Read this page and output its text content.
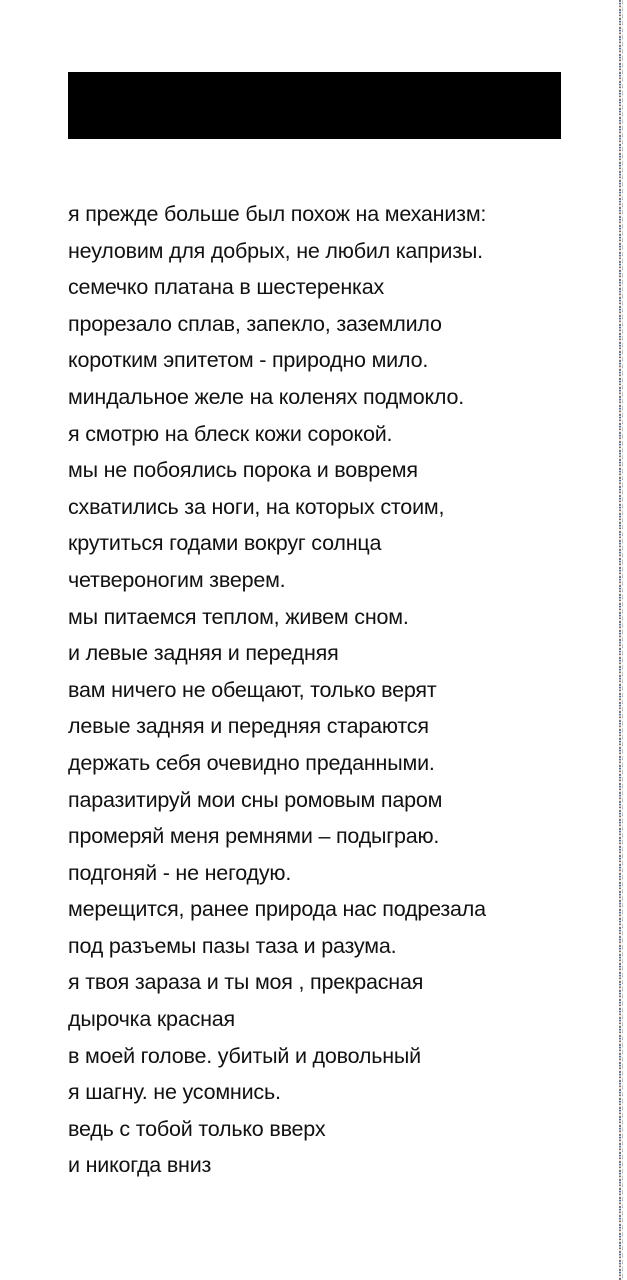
я прежде больше был похож на механизм:
неуловим для добрых, не любил капризы.
семечко платана в шестеренках
прорезало сплав, запекло, заземлило
коротким эпитетом - природно мило.
миндальное желе на коленях подмокло.
я смотрю на блеск кожи сорокой.
мы не побоялись порока и вовремя
схватились за ноги, на которых стоим,
крутиться годами вокруг солнца
четвероногим зверем.
мы питаемся теплом, живем сном.
и левые задняя и передняя
вам ничего не обещают, только верят
левые задняя и передняя стараются
держать себя очевидно преданными.
паразитируй мои сны ромовым паром
промеряй меня ремнями – подыграю.
подгоняй - не негодую.
мерещится, ранее природа нас подрезала
под разъемы пазы таза и разума.
я твоя зараза и ты моя , прекрасная
дырочка красная
в моей голове. убитый и довольный
я шагну. не усомнись.
ведь с тобой только вверх
и никогда вниз
